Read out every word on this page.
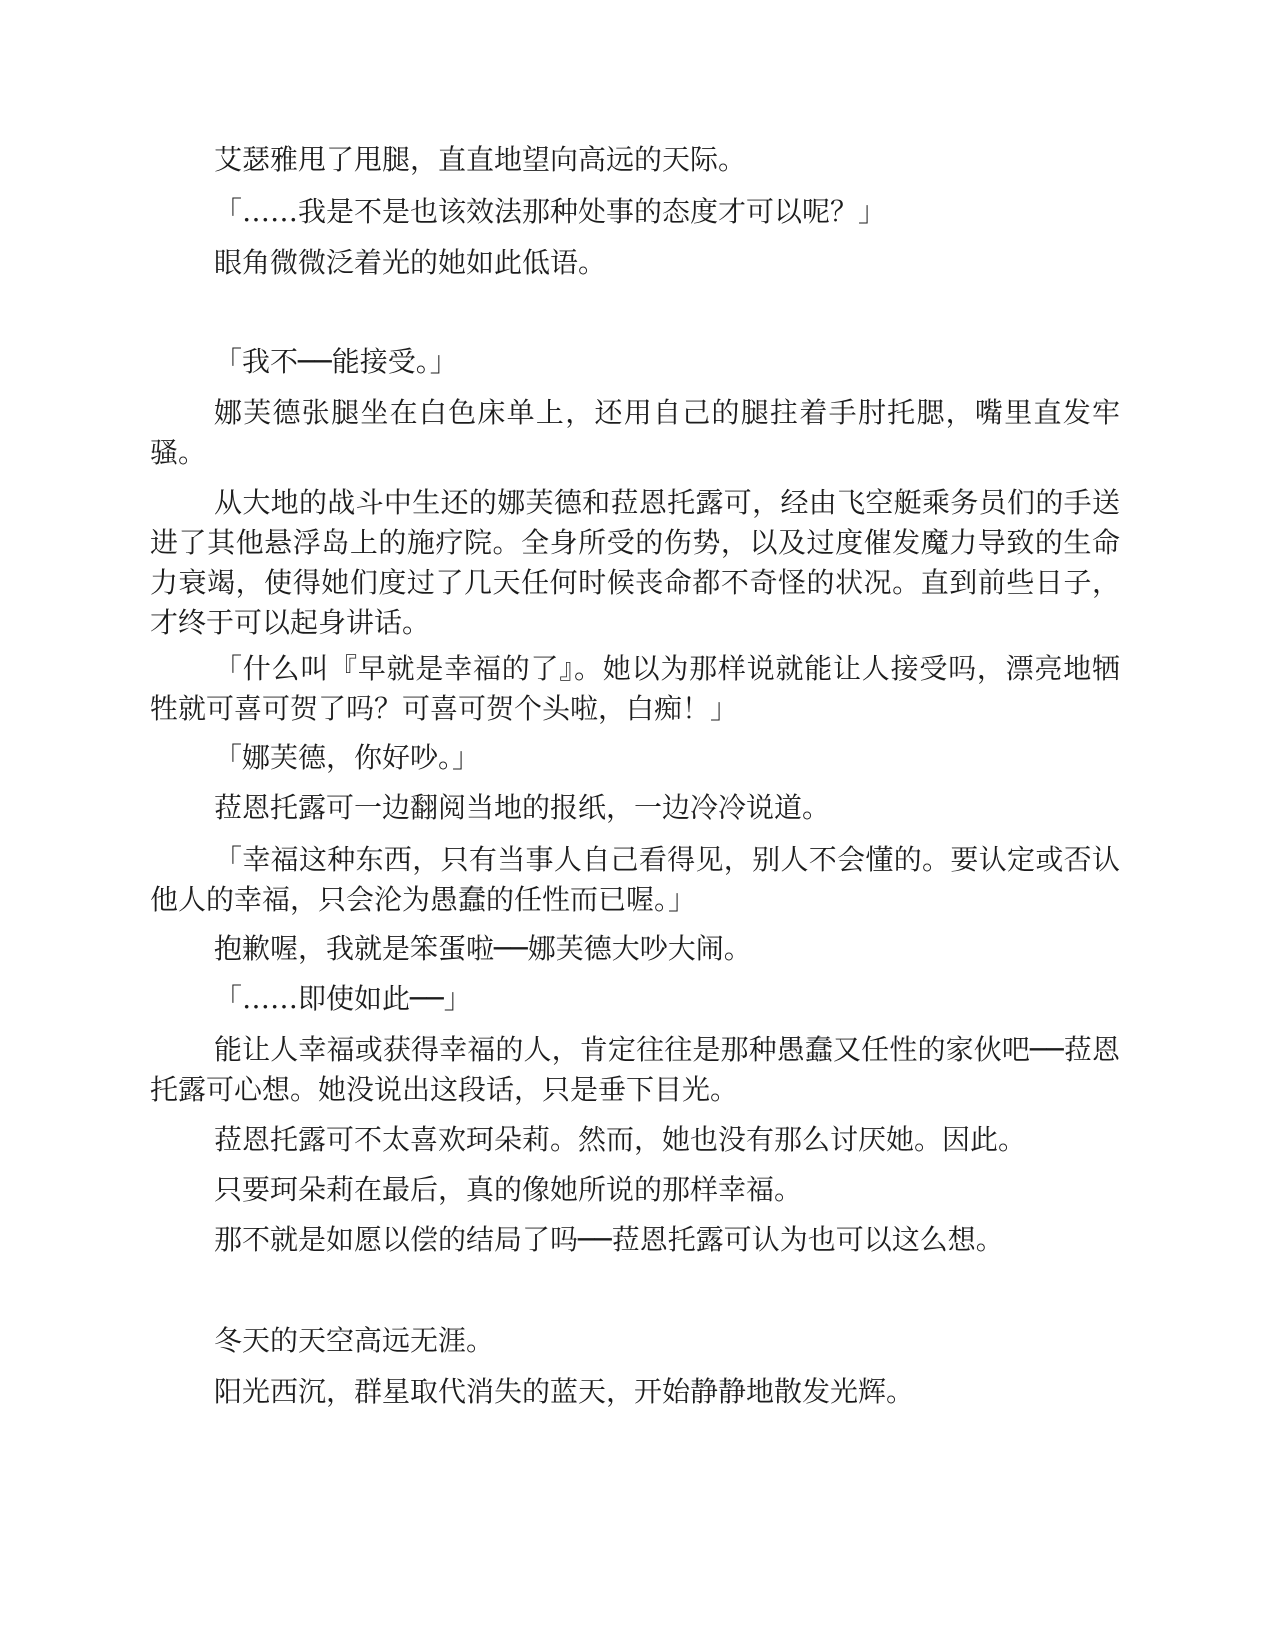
艾瑟雅甩了甩腿，直直地望向高远的天际。

「……我是不是也该效法那种处事的态度才可以呢？」

眼角微微泛着光的她如此低语。

「我不──能接受。」

娜芙德张腿坐在白色床单上，还用自己的腿拄着手肘托腮，嘴里直发牢骚。

从大地的战斗中生还的娜芙德和菈恩托露可，经由飞空艇乘务员们的手送进了其他悬浮岛上的施疗院。全身所受的伤势，以及过度催发魔力导致的生命力衰竭，使得她们度过了几天任何时候丧命都不奇怪的状况。直到前些日子，才终于可以起身讲话。

「什么叫『早就是幸福的了』。她以为那样说就能让人接受吗，漂亮地牺牲就可喜可贺了吗？可喜可贺个头啦，白痴！」

「娜芙德，你好吵。」

菈恩托露可一边翻阅当地的报纸，一边冷冷说道。

「幸福这种东西，只有当事人自己看得见，别人不会懂的。要认定或否认他人的幸福，只会沦为愚蠢的任性而已喔。」

抱歉喔，我就是笨蛋啦──娜芙德大吵大闹。

「……即使如此──」

能让人幸福或获得幸福的人，肯定往往是那种愚蠢又任性的家伙吧──菈恩托露可心想。她没说出这段话，只是垂下目光。

菈恩托露可不太喜欢珂朵莉。然而，她也没有那么讨厌她。因此。

只要珂朵莉在最后，真的像她所说的那样幸福。

那不就是如愿以偿的结局了吗──菈恩托露可认为也可以这么想。

冬天的天空高远无涯。

阳光西沉，群星取代消失的蓝天，开始静静地散发光辉。
